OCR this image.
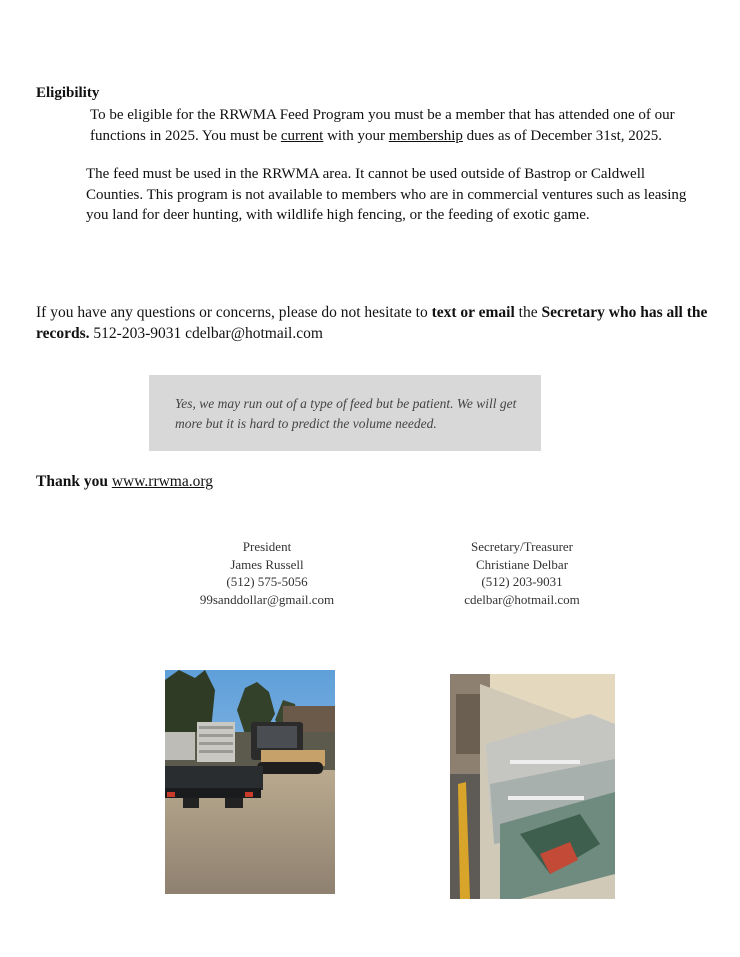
Eligibility
To be eligible for the RRWMA Feed Program you must be a member that has attended one of our functions in 2025. You must be current with your membership dues as of December 31st, 2025.
The feed must be used in the RRWMA area. It cannot be used outside of Bastrop or Caldwell Counties. This program is not available to members who are in commercial ventures such as leasing you land for deer hunting, with wildlife high fencing, or the feeding of exotic game.
If you have any questions or concerns, please do not hesitate to text or email the Secretary who has all the records. 512-203-9031 cdelbar@hotmail.com
Yes, we may run out of a type of feed but be patient. We will get more but it is hard to predict the volume needed.
Thank you www.rrwma.org
President
James Russell
(512) 575-5056
99sanddollar@gmail.com
Secretary/Treasurer
Christiane Delbar
(512) 203-9031
cdelbar@hotmail.com
